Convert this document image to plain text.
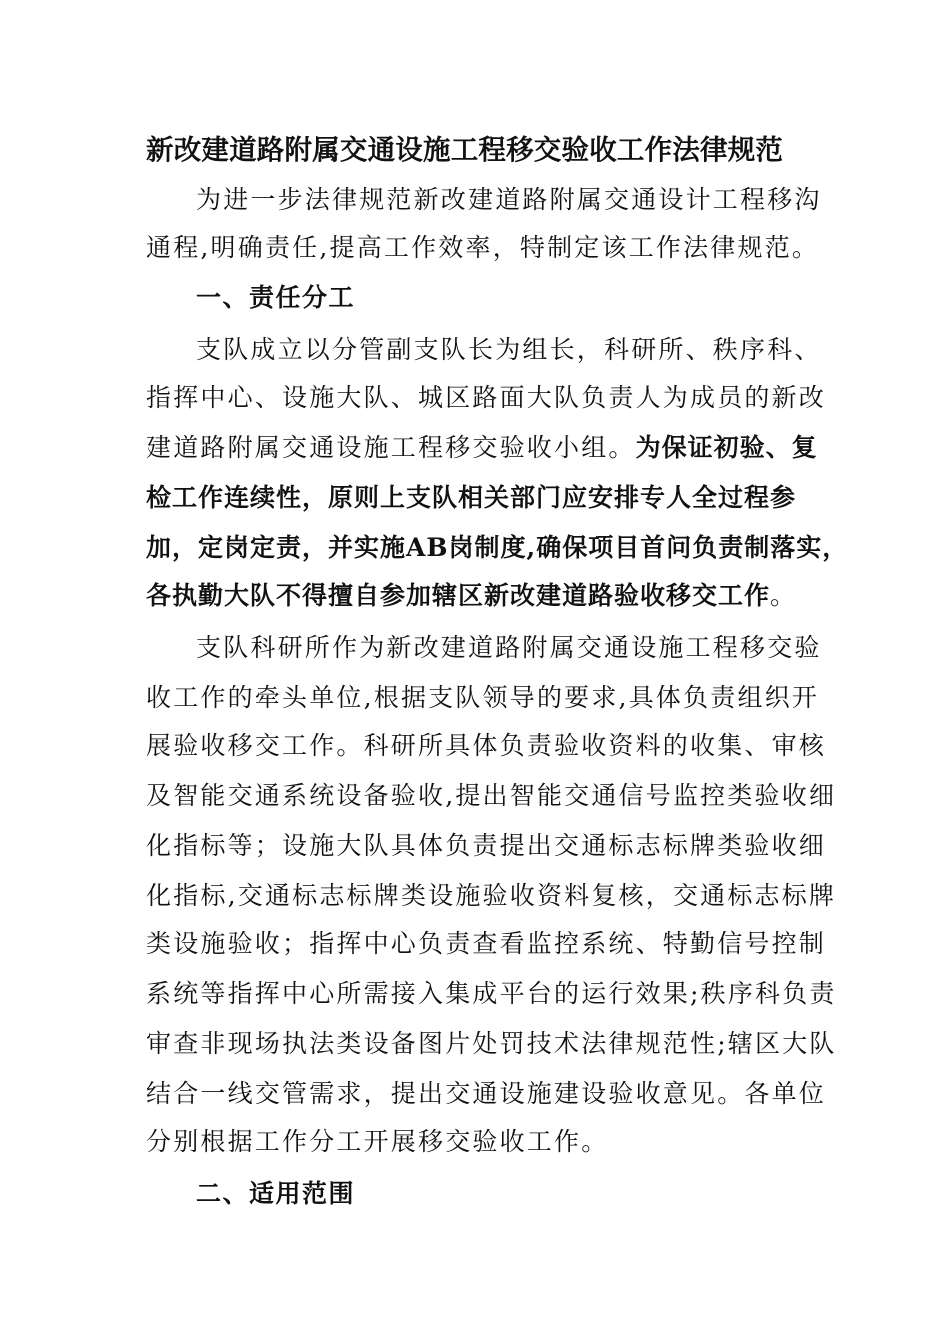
新改建道路附属交通设施工程移交验收工作法律规范
为进一步法律规范新改建道路附属交通设计工程移沟
通程,明确责任,提高工作效率，特制定该工作法律规范。
一、责任分工
支队成立以分管副支队长为组长，科研所、秩序科、
指挥中心、设施大队、城区路面大队负责人为成员的新改
建道路附属交通设施工程移交验收小组。为保证初验、复
检工作连续性，原则上支队相关部门应安排专人全过程参
加，定岗定责，并实施AB岗制度,确保项目首问负责制落实，
各执勤大队不得擅自参加辖区新改建道路验收移交工作。
支队科研所作为新改建道路附属交通设施工程移交验
收工作的牵头单位,根据支队领导的要求,具体负责组织开
展验收移交工作。科研所具体负责验收资料的收集、审核
及智能交通系统设备验收,提出智能交通信号监控类验收细
化指标等；设施大队具体负责提出交通标志标牌类验收细
化指标,交通标志标牌类设施验收资料复核，交通标志标牌
类设施验收；指挥中心负责查看监控系统、特勤信号控制
系统等指挥中心所需接入集成平台的运行效果;秩序科负责
审查非现场执法类设备图片处罚技术法律规范性;辖区大队
结合一线交管需求，提出交通设施建设验收意见。各单位
分别根据工作分工开展移交验收工作。
二、适用范围
